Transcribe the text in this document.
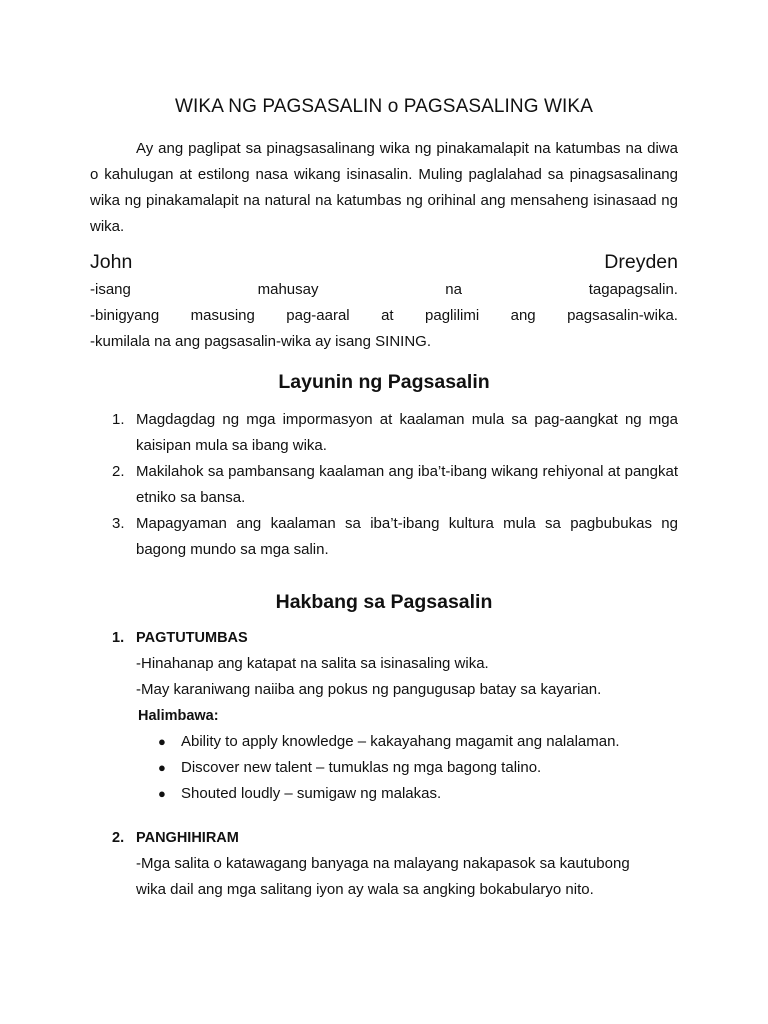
WIKA NG PAGSASALIN o PAGSASALING WIKA

Ay ang paglipat sa pinagsasalinang wika ng pinakamalapit na katumbas na diwa o kahulugan at estilong nasa wikang isinasalin. Muling paglalahad sa pinagsasalinang wika ng pinakamalapit na natural na katumbas ng orihinal ang mensaheng isinasaad ng wika.

John	Dreyden
-isang	mahusay	na	tagapagsalin.
-binigyang masusing pag-aaral at paglilimi ang pagsasalin-wika.
-kumilala na ang pagsasalin-wika ay isang SINING.
Layunin ng Pagsasalin
1. Magdagdag ng mga impormasyon at kaalaman mula sa pag-aangkat ng mga kaisipan mula sa ibang wika.
2. Makilahok sa pambansang kaalaman ang iba’t-ibang wikang rehiyonal at pangkat etniko sa bansa.
3. Mapagyaman ang kaalaman sa iba’t-ibang kultura mula sa pagbubukas ng bagong mundo sa mga salin.
Hakbang sa Pagsasalin
1. PAGTUTUMBAS
-Hinahanap ang katapat na salita sa isinasaling wika.
-May karaniwang naiiba ang pokus ng pangugusap batay sa kayarian.
Halimbawa:
● Ability to apply knowledge – kakayahang magamit ang nalalaman.
● Discover new talent – tumuklas ng mga bagong talino.
● Shouted loudly – sumigaw ng malakas.
2. PANGHIHIRAM
-Mga salita o katawagang banyaga na malayang nakapasok sa kautubong
wika dail ang mga salitang iyon ay wala sa angking bokabularyo nito.
